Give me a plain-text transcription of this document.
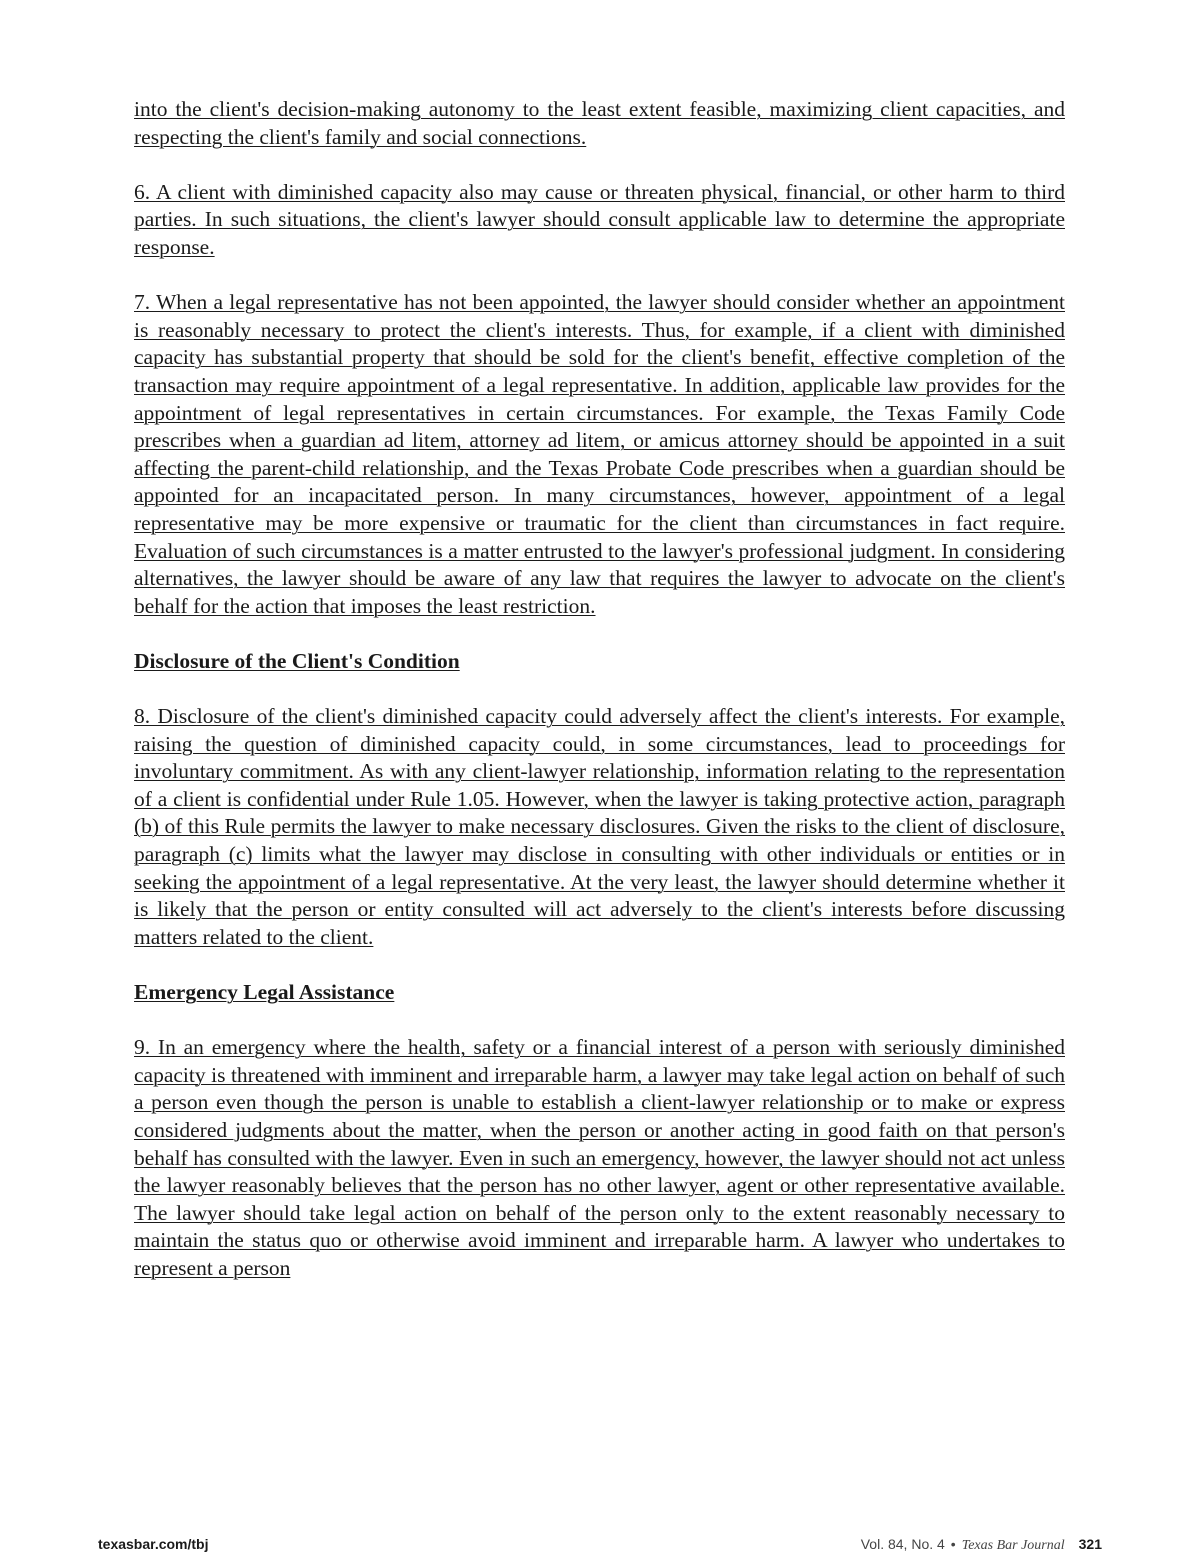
into the client's decision-making autonomy to the least extent feasible, maximizing client capacities, and respecting the client's family and social connections.

6. A client with diminished capacity also may cause or threaten physical, financial, or other harm to third parties. In such situations, the client's lawyer should consult applicable law to determine the appropriate response.

7. When a legal representative has not been appointed, the lawyer should consider whether an appointment is reasonably necessary to protect the client's interests. Thus, for example, if a client with diminished capacity has substantial property that should be sold for the client's benefit, effective completion of the transaction may require appointment of a legal representative. In addition, applicable law provides for the appointment of legal representatives in certain circumstances. For example, the Texas Family Code prescribes when a guardian ad litem, attorney ad litem, or amicus attorney should be appointed in a suit affecting the parent-child relationship, and the Texas Probate Code prescribes when a guardian should be appointed for an incapacitated person. In many circumstances, however, appointment of a legal representative may be more expensive or traumatic for the client than circumstances in fact require. Evaluation of such circumstances is a matter entrusted to the lawyer's professional judgment. In considering alternatives, the lawyer should be aware of any law that requires the lawyer to advocate on the client's behalf for the action that imposes the least restriction.

Disclosure of the Client's Condition

8. Disclosure of the client's diminished capacity could adversely affect the client's interests. For example, raising the question of diminished capacity could, in some circumstances, lead to proceedings for involuntary commitment. As with any client-lawyer relationship, information relating to the representation of a client is confidential under Rule 1.05. However, when the lawyer is taking protective action, paragraph (b) of this Rule permits the lawyer to make necessary disclosures. Given the risks to the client of disclosure, paragraph (c) limits what the lawyer may disclose in consulting with other individuals or entities or in seeking the appointment of a legal representative. At the very least, the lawyer should determine whether it is likely that the person or entity consulted will act adversely to the client's interests before discussing matters related to the client.

Emergency Legal Assistance

9. In an emergency where the health, safety or a financial interest of a person with seriously diminished capacity is threatened with imminent and irreparable harm, a lawyer may take legal action on behalf of such a person even though the person is unable to establish a client-lawyer relationship or to make or express considered judgments about the matter, when the person or another acting in good faith on that person's behalf has consulted with the lawyer. Even in such an emergency, however, the lawyer should not act unless the lawyer reasonably believes that the person has no other lawyer, agent or other representative available. The lawyer should take legal action on behalf of the person only to the extent reasonably necessary to maintain the status quo or otherwise avoid imminent and irreparable harm. A lawyer who undertakes to represent a person

texasbar.com/tbj	Vol. 84, No. 4 • Texas Bar Journal 321
